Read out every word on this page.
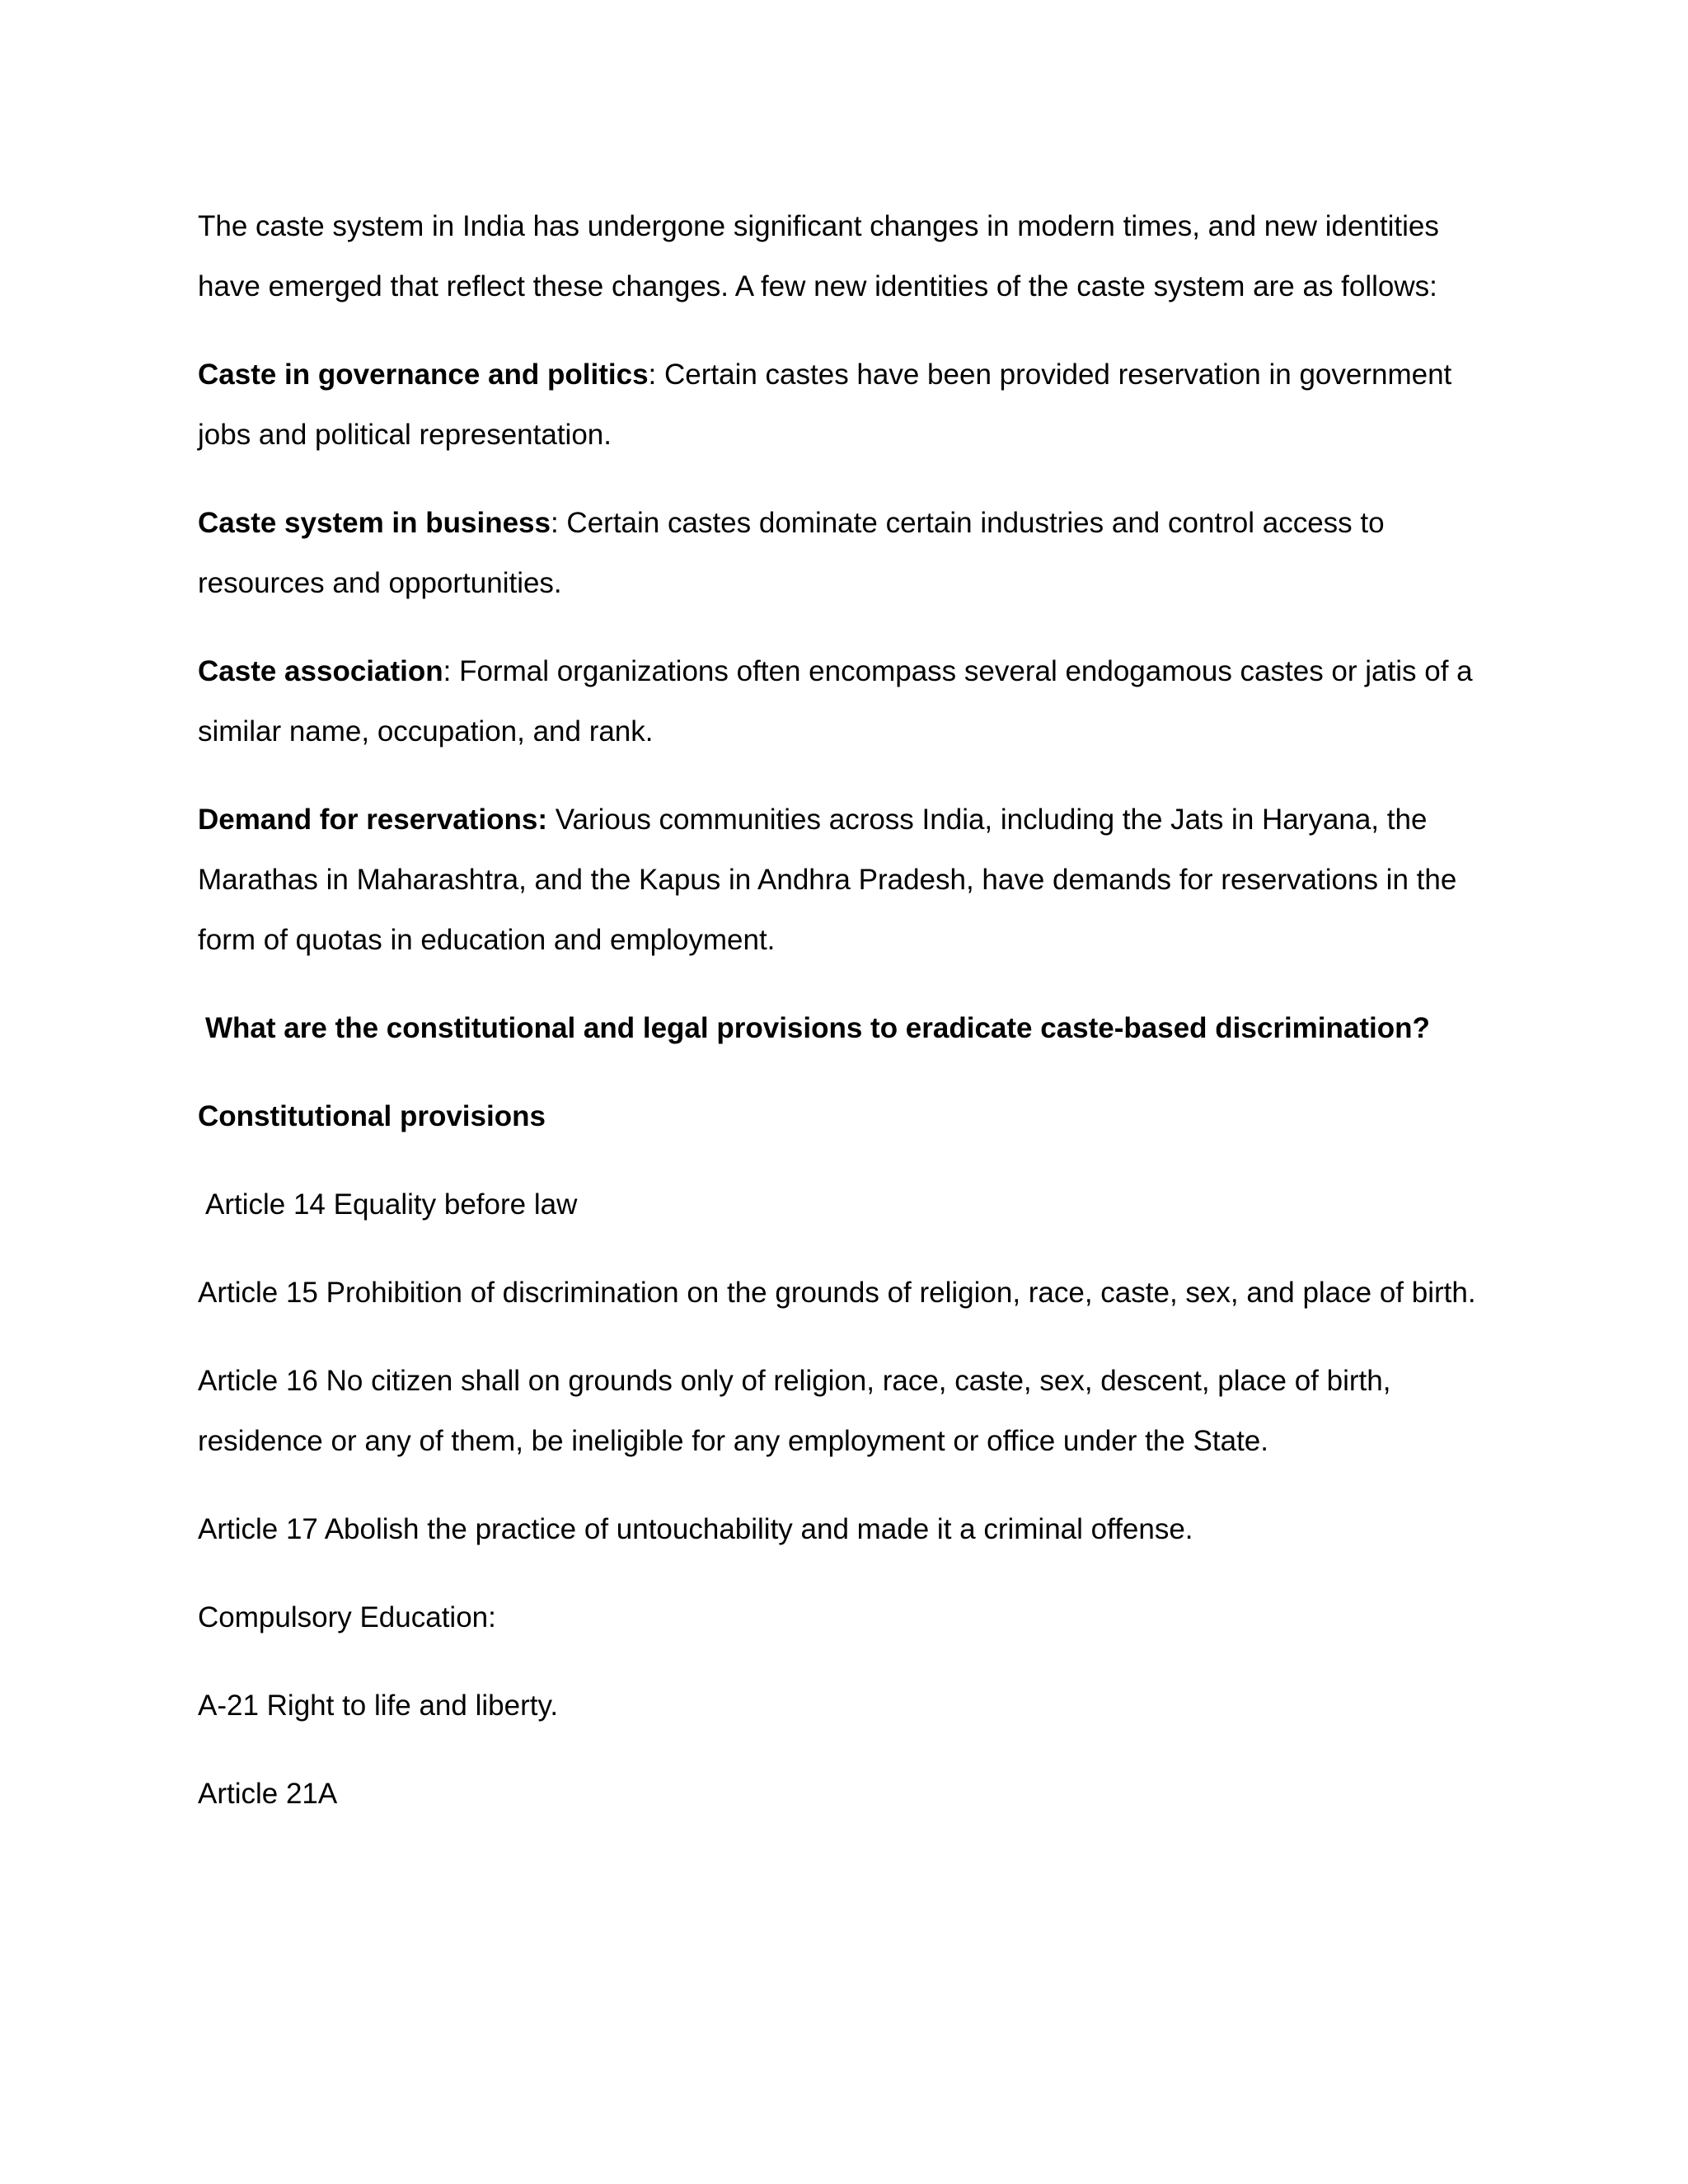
The caste system in India has undergone significant changes in modern times, and new identities have emerged that reflect these changes. A few new identities of the caste system are as follows:

Caste in governance and politics: Certain castes have been provided reservation in government jobs and political representation.

Caste system in business: Certain castes dominate certain industries and control access to resources and opportunities.

Caste association: Formal organizations often encompass several endogamous castes or jatis of a similar name, occupation, and rank.

Demand for reservations: Various communities across India, including the Jats in Haryana, the Marathas in Maharashtra, and the Kapus in Andhra Pradesh, have demands for reservations in the form of quotas in education and employment.

What are the constitutional and legal provisions to eradicate caste-based discrimination?

Constitutional provisions

Article 14 Equality before law

Article 15 Prohibition of discrimination on the grounds of religion, race, caste, sex, and place of birth.

Article 16 No citizen shall on grounds only of religion, race, caste, sex, descent, place of birth, residence or any of them, be ineligible for any employment or office under the State.

Article 17 Abolish the practice of untouchability and made it a criminal offense.

Compulsory Education:

A-21 Right to life and liberty.

Article 21A
